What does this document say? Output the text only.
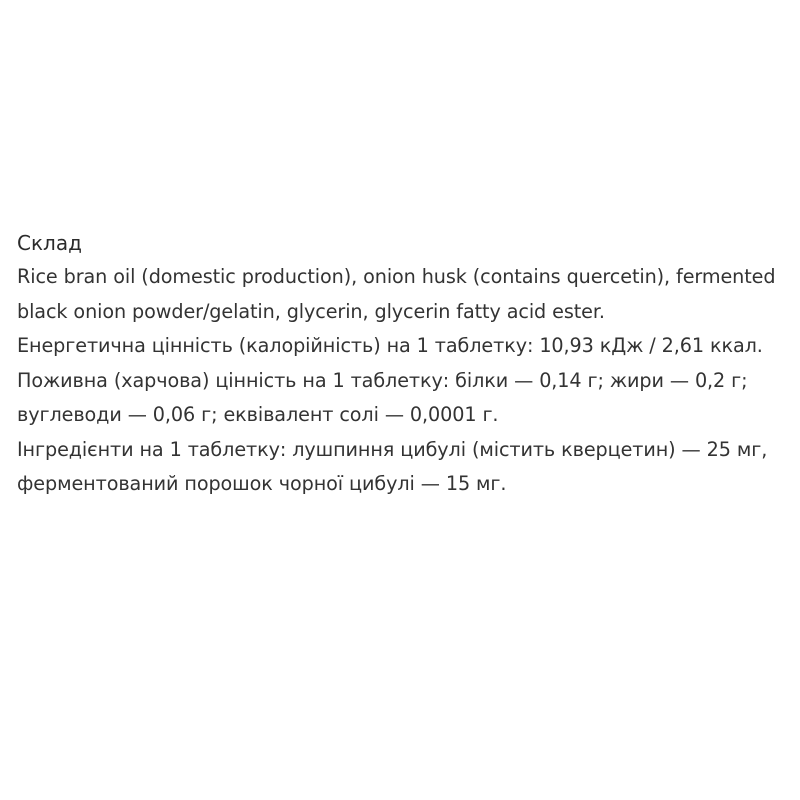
Склад

Rice bran oil (domestic production), onion husk (contains quercetin), fermented black onion powder/gelatin, glycerin, glycerin fatty acid ester.

Енергетична цінність (калорійність) на 1 таблетку: 10,93 кДж / 2,61 ккал.

Поживна (харчова) цінність на 1 таблетку: білки — 0,14 г; жири — 0,2 г; вуглеводи — 0,06 г; еквівалент солі — 0,0001 г.

Інгредієнти на 1 таблетку: лушпиння цибулі (містить кверцетин) — 25 мг, ферментований порошок чорної цибулі — 15 мг.
